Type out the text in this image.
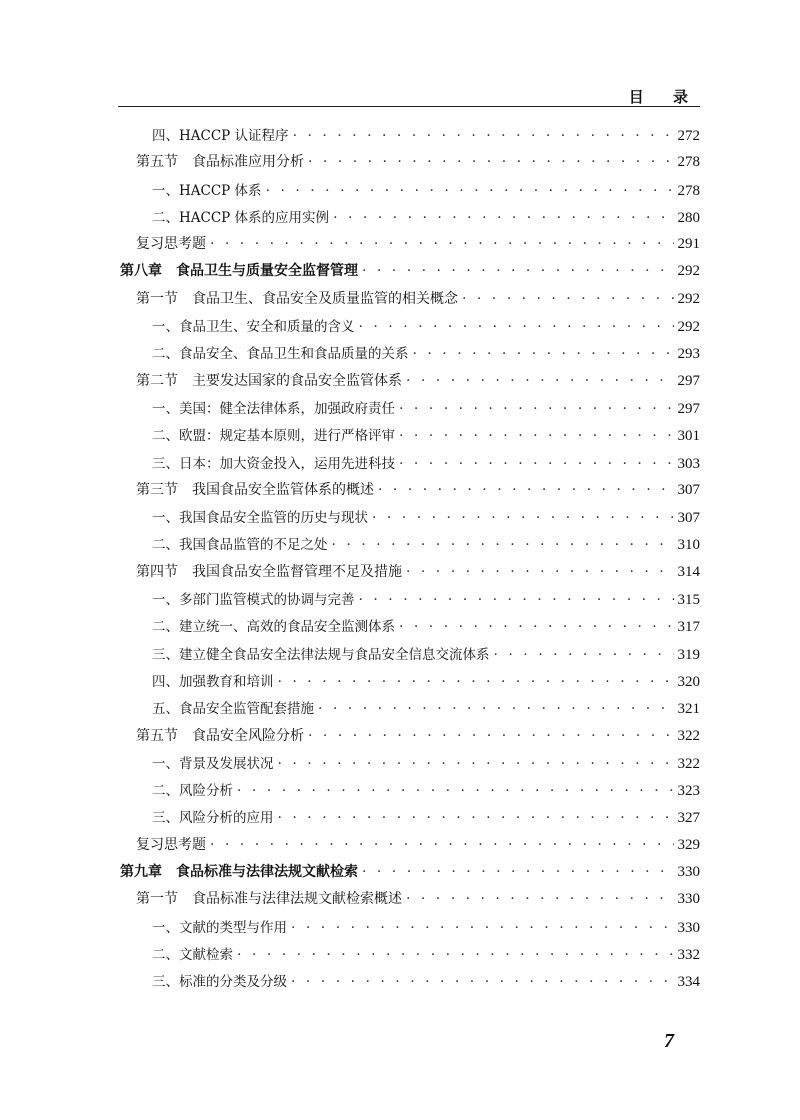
目 录
四、HACCP 认证程序 · · ·	272
第五节　食品标准应用分析 · · ·	278
一、HACCP 体系 · · ·	278
二、HACCP 体系的应用实例 · · ·	280
复习思考题 · · ·	291
第八章　食品卫生与质量安全监督管理 · · ·	292
第一节　食品卫生、食品安全及质量监管的相关概念 · · ·	292
一、食品卫生、安全和质量的含义 · · ·	292
二、食品安全、食品卫生和食品质量的关系 · · ·	293
第二节　主要发达国家的食品安全监管体系 · · ·	297
一、美国：健全法律体系，加强政府责任 · · ·	297
二、欧盟：规定基本原则，进行严格评审 · · ·	301
三、日本：加大资金投入，运用先进科技 · · ·	303
第三节　我国食品安全监管体系的概述 · · ·	307
一、我国食品安全监管的历史与现状 · · ·	307
二、我国食品监管的不足之处 · · ·	310
第四节　我国食品安全监督管理不足及措施 · · ·	314
一、多部门监管模式的协调与完善 · · ·	315
二、建立统一、高效的食品安全监测体系 · · ·	317
三、建立健全食品安全法律法规与食品安全信息交流体系 · · ·	319
四、加强教育和培训 · · ·	320
五、食品安全监管配套措施 · · ·	321
第五节　食品安全风险分析 · · ·	322
一、背景及发展状况 · · ·	322
二、风险分析 · · ·	323
三、风险分析的应用 · · ·	327
复习思考题 · · ·	329
第九章　食品标准与法律法规文献检索 · · ·	330
第一节　食品标准与法律法规文献检索概述 · · ·	330
一、文献的类型与作用 · · ·	330
二、文献检索 · · ·	332
三、标准的分类及分级 · · ·	334
7
